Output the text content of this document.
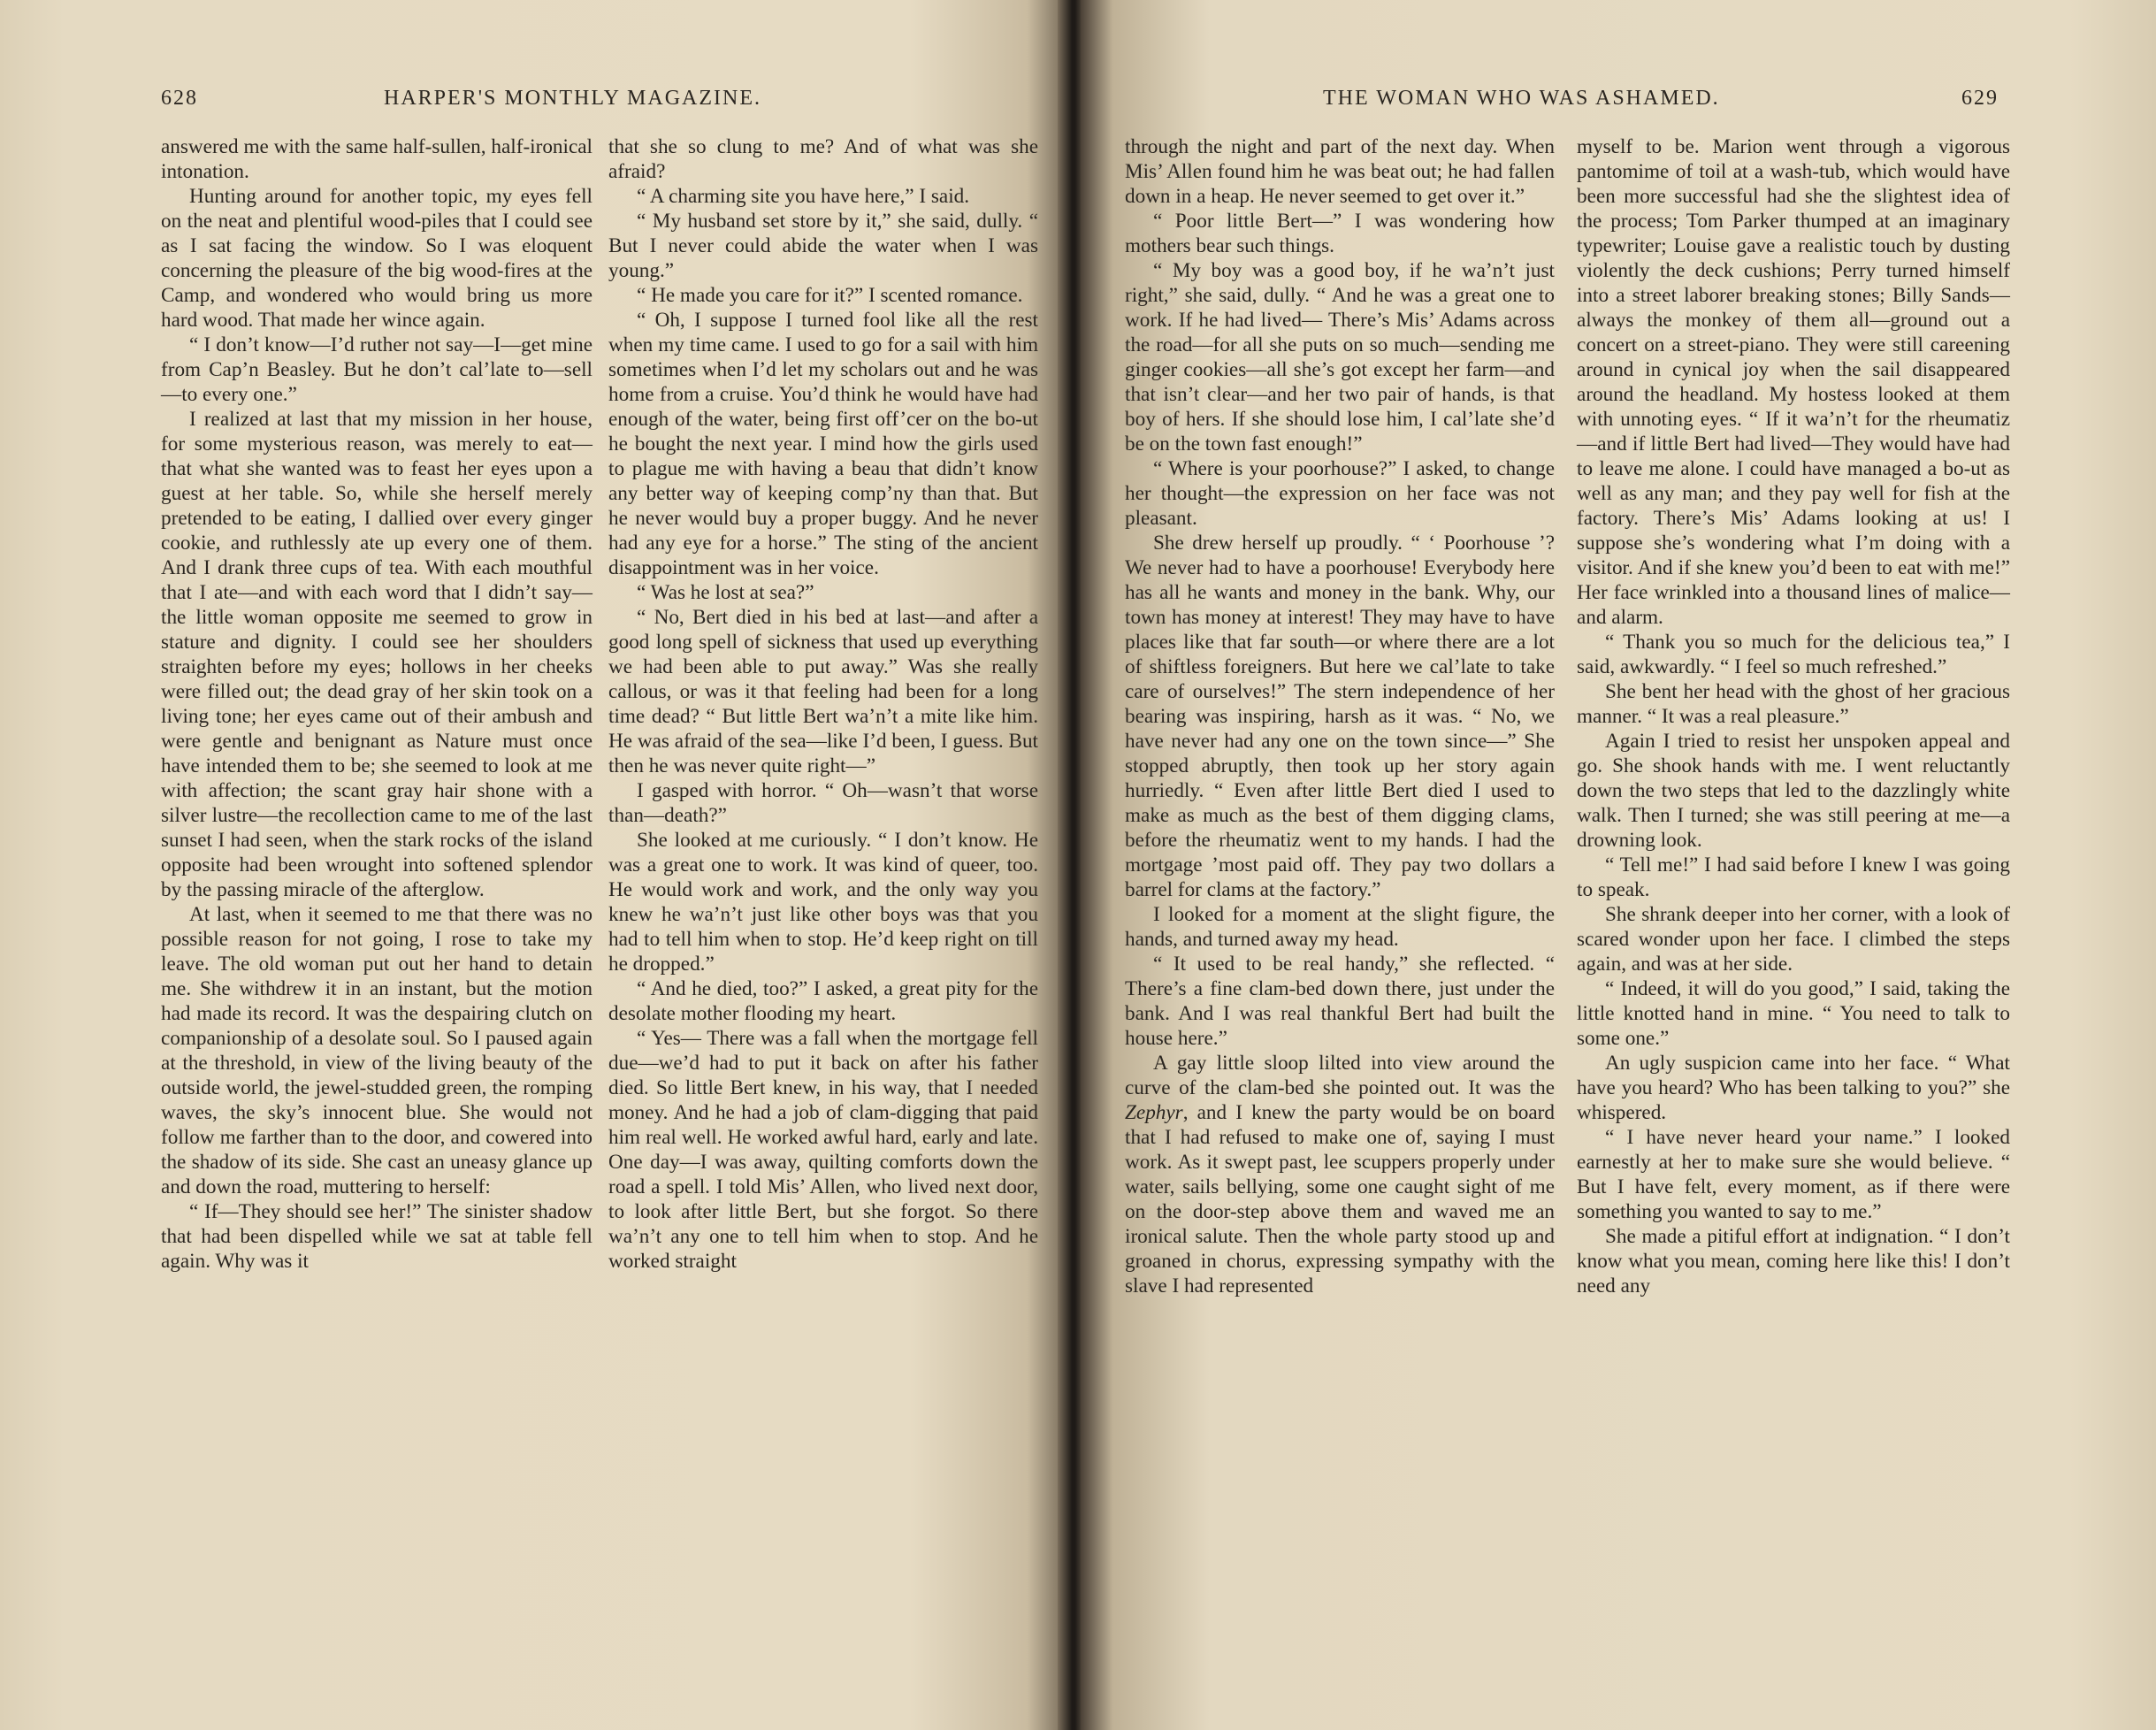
628	HARPER'S MONTHLY MAGAZINE.

answered me with the same half-sullen, half-ironical intonation.

Hunting around for another topic, my eyes fell on the neat and plentiful wood-piles that I could see as I sat facing the window. So I was eloquent concerning the pleasure of the big wood-fires at the Camp, and wondered who would bring us more hard wood. That made her wince again.

“ I don’t know—I’d ruther not say—I—get mine from Cap’n Beasley. But he don’t cal’late to—sell—to every one.”

I realized at last that my mission in her house, for some mysterious reason, was merely to eat—that what she wanted was to feast her eyes upon a guest at her table. So, while she herself merely pretended to be eating, I dallied over every ginger cookie, and ruthlessly ate up every one of them. And I drank three cups of tea. With each mouthful that I ate—and with each word that I didn’t say—the little woman opposite me seemed to grow in stature and dignity. I could see her shoulders straighten before my eyes; hollows in her cheeks were filled out; the dead gray of her skin took on a living tone; her eyes came out of their ambush and were gentle and benignant as Nature must once have intended them to be; she seemed to look at me with affection; the scant gray hair shone with a silver lustre—the recollection came to me of the last sunset I had seen, when the stark rocks of the island opposite had been wrought into softened splendor by the passing miracle of the afterglow.

At last, when it seemed to me that there was no possible reason for not going, I rose to take my leave. The old woman put out her hand to detain me. She withdrew it in an instant, but the motion had made its record. It was the despairing clutch on companionship of a desolate soul. So I paused again at the threshold, in view of the living beauty of the outside world, the jewel-studded green, the romping waves, the sky’s innocent blue. She would not follow me farther than to the door, and cowered into the shadow of its side. She cast an uneasy glance up and down the road, muttering to herself:

“ If—They should see her!” The sinister shadow that had been dispelled while we sat at table fell again. Why was it

that she so clung to me? And of what was she afraid?

“ A charming site you have here,” I said.

“ My husband set store by it,” she said, dully. “ But I never could abide the water when I was young.”

“ He made you care for it?” I scented romance.

“ Oh, I suppose I turned fool like all the rest when my time came. I used to go for a sail with him sometimes when I’d let my scholars out and he was home from a cruise. You’d think he would have had enough of the water, being first off’cer on the bo-ut he bought the next year. I mind how the girls used to plague me with having a beau that didn’t know any better way of keeping comp’ny than that. But he never would buy a proper buggy. And he never had any eye for a horse.” The sting of the ancient disappointment was in her voice.

“ Was he lost at sea?”

“ No, Bert died in his bed at last—and after a good long spell of sickness that used up everything we had been able to put away.” Was she really callous, or was it that feeling had been for a long time dead? “ But little Bert wa’n’t a mite like him. He was afraid of the sea—like I’d been, I guess. But then he was never quite right—”

I gasped with horror. “ Oh—wasn’t that worse than—death?”

She looked at me curiously. “ I don’t know. He was a great one to work. It was kind of queer, too. He would work and work, and the only way you knew he wa’n’t just like other boys was that you had to tell him when to stop. He’d keep right on till he dropped.”

“ And he died, too?” I asked, a great pity for the desolate mother flooding my heart.

“ Yes— There was a fall when the mortgage fell due—we’d had to put it back on after his father died. So little Bert knew, in his way, that I needed money. And he had a job of clam-digging that paid him real well. He worked awful hard, early and late. One day—I was away, quilting comforts down the road a spell. I told Mis’ Allen, who lived next door, to look after little Bert, but she forgot. So there wa’n’t any one to tell him when to stop. And he worked straight

THE WOMAN WHO WAS ASHAMED.	629

through the night and part of the next day. When Mis’ Allen found him he was beat out; he had fallen down in a heap. He never seemed to get over it.”

“ Poor little Bert—” I was wondering how mothers bear such things.

“ My boy was a good boy, if he wa’n’t just right,” she said, dully. “ And he was a great one to work. If he had lived— There’s Mis’ Adams across the road—for all she puts on so much—sending me ginger cookies—all she’s got except her farm—and that isn’t clear—and her two pair of hands, is that boy of hers. If she should lose him, I cal’late she’d be on the town fast enough!”

“ Where is your poorhouse?” I asked, to change her thought—the expression on her face was not pleasant.

She drew herself up proudly. “ ‘ Poorhouse ’? We never had to have a poorhouse! Everybody here has all he wants and money in the bank. Why, our town has money at interest! They may have to have places like that far south—or where there are a lot of shiftless foreigners. But here we cal’late to take care of ourselves!” The stern independence of her bearing was inspiring, harsh as it was. “ No, we have never had any one on the town since—” She stopped abruptly, then took up her story again hurriedly. “ Even after little Bert died I used to make as much as the best of them digging clams, before the rheumatiz went to my hands. I had the mortgage ’most paid off. They pay two dollars a barrel for clams at the factory.”

I looked for a moment at the slight figure, the hands, and turned away my head.

“ It used to be real handy,” she reflected. “ There’s a fine clam-bed down there, just under the bank. And I was real thankful Bert had built the house here.”

A gay little sloop lilted into view around the curve of the clam-bed she pointed out. It was the Zephyr, and I knew the party would be on board that I had refused to make one of, saying I must work. As it swept past, lee scuppers properly under water, sails bellying, some one caught sight of me on the door-step above them and waved me an ironical salute. Then the whole party stood up and groaned in chorus, expressing sympathy with the slave I had represented

myself to be. Marion went through a vigorous pantomime of toil at a wash-tub, which would have been more successful had she the slightest idea of the process; Tom Parker thumped at an imaginary typewriter; Louise gave a realistic touch by dusting violently the deck cushions; Perry turned himself into a street laborer breaking stones; Billy Sands—always the monkey of them all—ground out a concert on a street-piano. They were still careening around in cynical joy when the sail disappeared around the headland. My hostess looked at them with unnoting eyes. “ If it wa’n’t for the rheumatiz—and if little Bert had lived—They would have had to leave me alone. I could have managed a bo-ut as well as any man; and they pay well for fish at the factory. There’s Mis’ Adams looking at us! I suppose she’s wondering what I’m doing with a visitor. And if she knew you’d been to eat with me!” Her face wrinkled into a thousand lines of malice—and alarm.

“ Thank you so much for the delicious tea,” I said, awkwardly. “ I feel so much refreshed.”

She bent her head with the ghost of her gracious manner. “ It was a real pleasure.”

Again I tried to resist her unspoken appeal and go. She shook hands with me. I went reluctantly down the two steps that led to the dazzlingly white walk. Then I turned; she was still peering at me—a drowning look.

“ Tell me!” I had said before I knew I was going to speak.

She shrank deeper into her corner, with a look of scared wonder upon her face. I climbed the steps again, and was at her side.

“ Indeed, it will do you good,” I said, taking the little knotted hand in mine. “ You need to talk to some one.”

An ugly suspicion came into her face. “ What have you heard? Who has been talking to you?” she whispered.

“ I have never heard your name.” I looked earnestly at her to make sure she would believe. “ But I have felt, every moment, as if there were something you wanted to say to me.”

She made a pitiful effort at indignation. “ I don’t know what you mean, coming here like this! I don’t need any
